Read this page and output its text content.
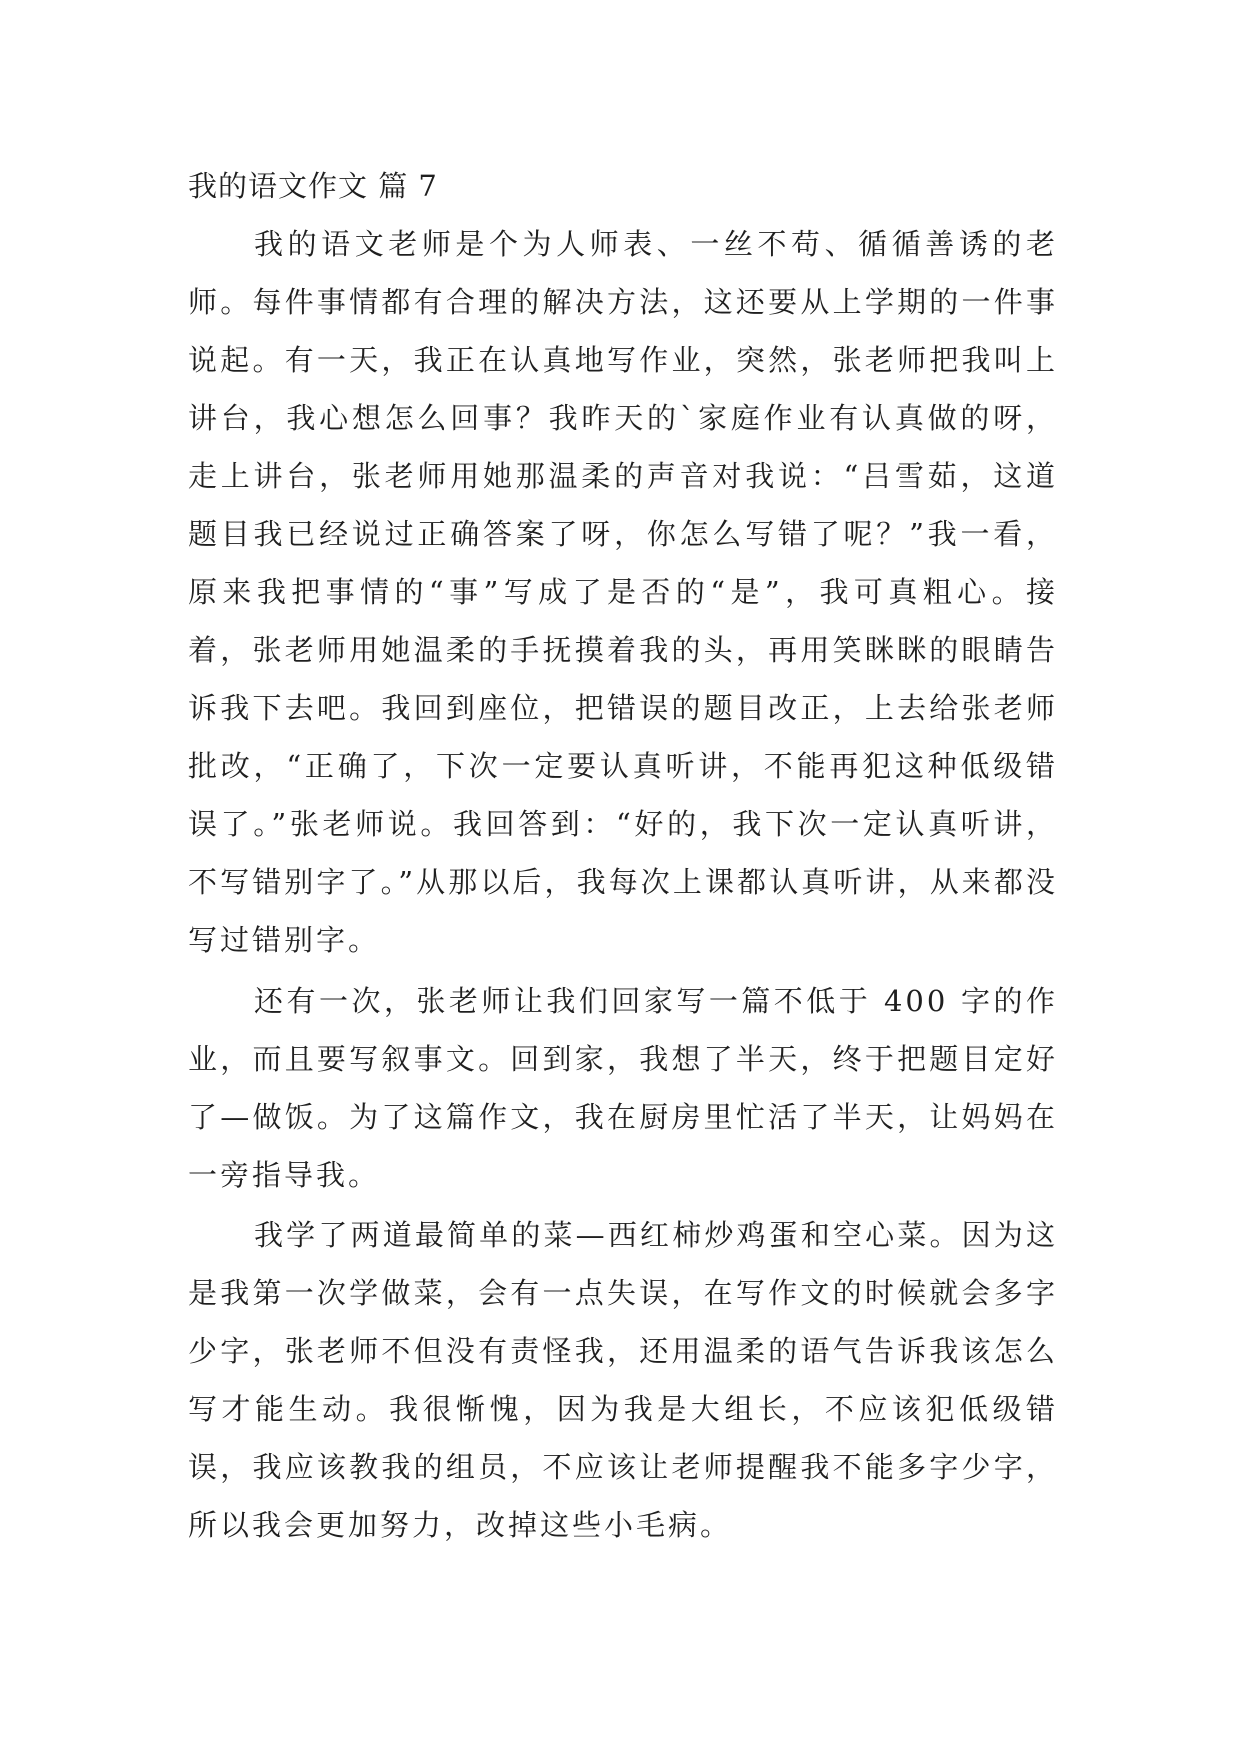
我的语文作文 篇 7

我的语文老师是个为人师表、一丝不苟、循循善诱的老师。每件事情都有合理的解决方法，这还要从上学期的一件事说起。有一天，我正在认真地写作业，突然，张老师把我叫上讲台，我心想怎么回事？我昨天的`家庭作业有认真做的呀，走上讲台，张老师用她那温柔的声音对我说：“吕雪茹，这道题目我已经说过正确答案了呀，你怎么写错了呢？”我一看，原来我把事情的“事”写成了是否的“是”，我可真粗心。接着，张老师用她温柔的手抚摸着我的头，再用笑眯眯的眼睛告诉我下去吧。我回到座位，把错误的题目改正，上去给张老师批改，“正确了，下次一定要认真听讲，不能再犯这种低级错误了。”张老师说。我回答到：“好的，我下次一定认真听讲，不写错别字了。”从那以后，我每次上课都认真听讲，从来都没写过错别字。

还有一次，张老师让我们回家写一篇不低于 400 字的作业，而且要写叙事文。回到家，我想了半天，终于把题目定好了—做饭。为了这篇作文，我在厨房里忙活了半天，让妈妈在一旁指导我。

我学了两道最简单的菜—西红柿炒鸡蛋和空心菜。因为这是我第一次学做菜，会有一点失误，在写作文的时候就会多字少字，张老师不但没有责怪我，还用温柔的语气告诉我该怎么写才能生动。我很惭愧，因为我是大组长，不应该犯低级错误，我应该教我的组员，不应该让老师提醒我不能多字少字，所以我会更加努力，改掉这些小毛病。
